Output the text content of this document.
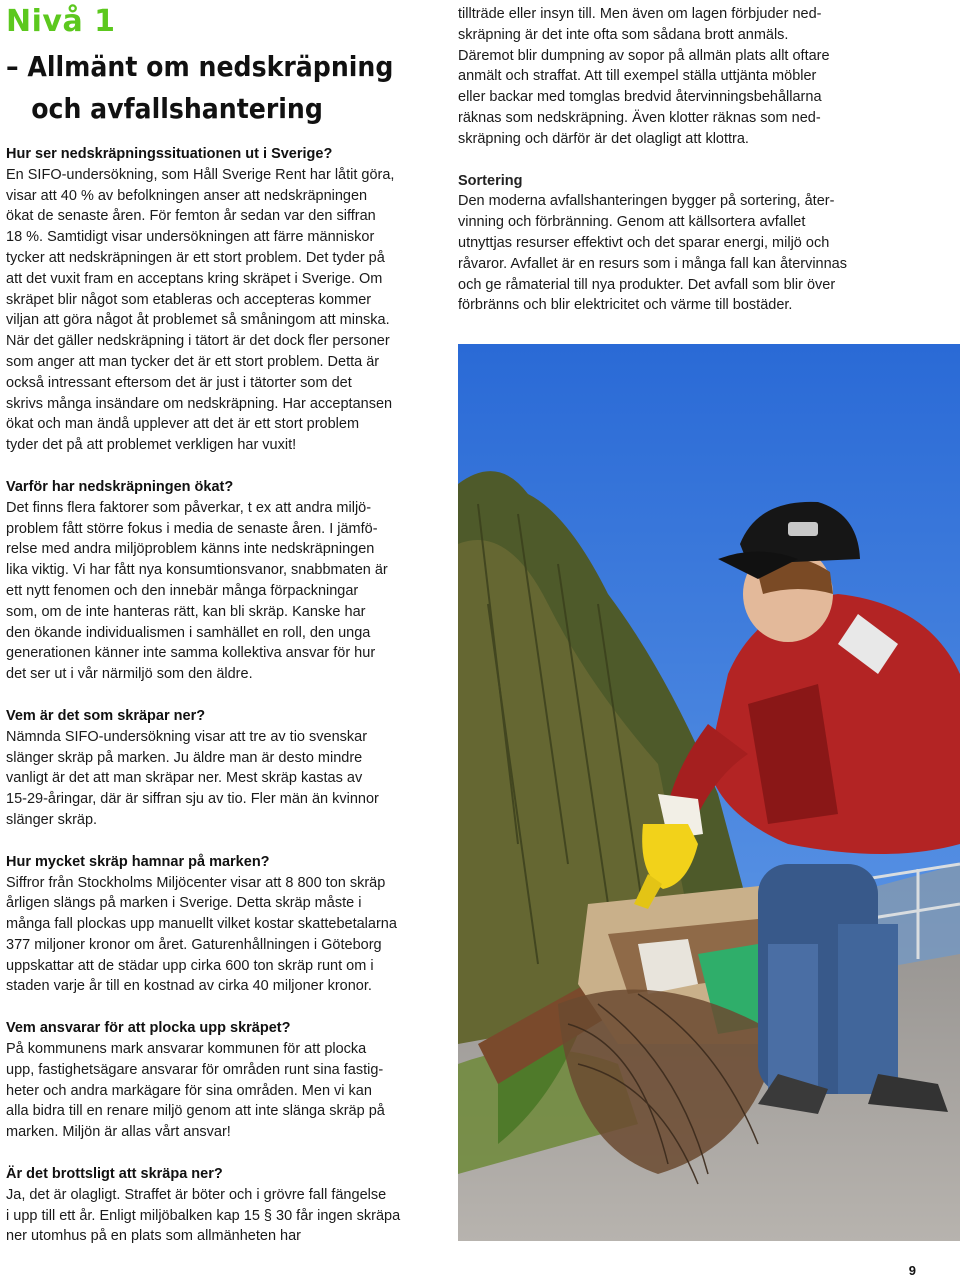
Nivå 1
– Allmänt om nedskräpning
och avfallshantering
Hur ser nedskräpningssituationen ut i Sverige?

En SIFO-undersökning, som Håll Sverige Rent har låtit göra,
visar att 40 % av befolkningen anser att nedskräpningen
ökat de senaste åren. För femton år sedan var den siffran
18 %. Samtidigt visar undersökningen att färre människor
tycker att nedskräpningen är ett stort problem. Det tyder på
att det vuxit fram en acceptans kring skräpet i Sverige. Om
skräpet blir något som etableras och accepteras kommer
viljan att göra något åt problemet så småningom att minska.
När det gäller nedskräpning i tätort är det dock fler personer
som anger att man tycker det är ett stort problem. Detta är
också intressant eftersom det är just i tätorter som det
skrivs många insändare om nedskräpning. Har acceptansen
ökat och man ändå upplever att det är ett stort problem
tyder det på att problemet verkligen har vuxit!

Varför har nedskräpningen ökat?

Det finns flera faktorer som påverkar, t ex att andra miljö-
problem fått större fokus i media de senaste åren. I jämfö-
relse med andra miljöproblem känns inte nedskräpningen
lika viktig. Vi har fått nya konsumtionsvanor, snabbmaten är
ett nytt fenomen och den innebär många förpackningar
som, om de inte hanteras rätt, kan bli skräp. Kanske har
den ökande individualismen i samhället en roll, den unga
generationen känner inte samma kollektiva ansvar för hur
det ser ut i vår närmiljö som den äldre.

Vem är det som skräpar ner?

Nämnda SIFO-undersökning visar att tre av tio svenskar
slänger skräp på marken. Ju äldre man är desto mindre
vanligt är det att man skräpar ner. Mest skräp kastas av
15-29-åringar, där är siffran sju av tio. Fler män än kvinnor
slänger skräp.

Hur mycket skräp hamnar på marken?

Siffror från Stockholms Miljöcenter visar att 8 800 ton skräp
årligen slängs på marken i Sverige. Detta skräp måste i
många fall plockas upp manuellt vilket kostar skattebetalarna
377 miljoner kronor om året. Gaturenhållningen i Göteborg
uppskattar att de städar upp cirka 600 ton skräp runt om i
staden varje år till en kostnad av cirka 40 miljoner kronor.

Vem ansvarar för att plocka upp skräpet?

På kommunens mark ansvarar kommunen för att plocka
upp, fastighetsägare ansvarar för områden runt sina fastig-
heter och andra markägare för sina områden. Men vi kan
alla bidra till en renare miljö genom att inte slänga skräp på
marken. Miljön är allas vårt ansvar!

Är det brottsligt att skräpa ner?

Ja, det är olagligt. Straffet är böter och i grövre fall fängelse
i upp till ett år. Enligt miljöbalken kap 15 § 30 får ingen skräpa
ner utomhus på en plats som allmänheten har

tillträde eller insyn till. Men även om lagen förbjuder ned-
skräpning är det inte ofta som sådana brott anmäls.
Däremot blir dumpning av sopor på allmän plats allt oftare
anmält och straffat. Att till exempel ställa uttjänta möbler
eller backar med tomglas bredvid återvinningsbehållarna
räknas som nedskräpning. Även klotter räknas som ned-
skräpning och därför är det olagligt att klottra.

Sortering

Den moderna avfallshanteringen bygger på sortering, åter-
vinning och förbränning. Genom att källsortera avfallet
utnyttjas resurser effektivt och det sparar energi, miljö och
råvaror. Avfallet är en resurs som i många fall kan återvinnas
och ge råmaterial till nya produkter. Det avfall som blir över
förbränns och blir elektricitet och värme till bostäder.

9
